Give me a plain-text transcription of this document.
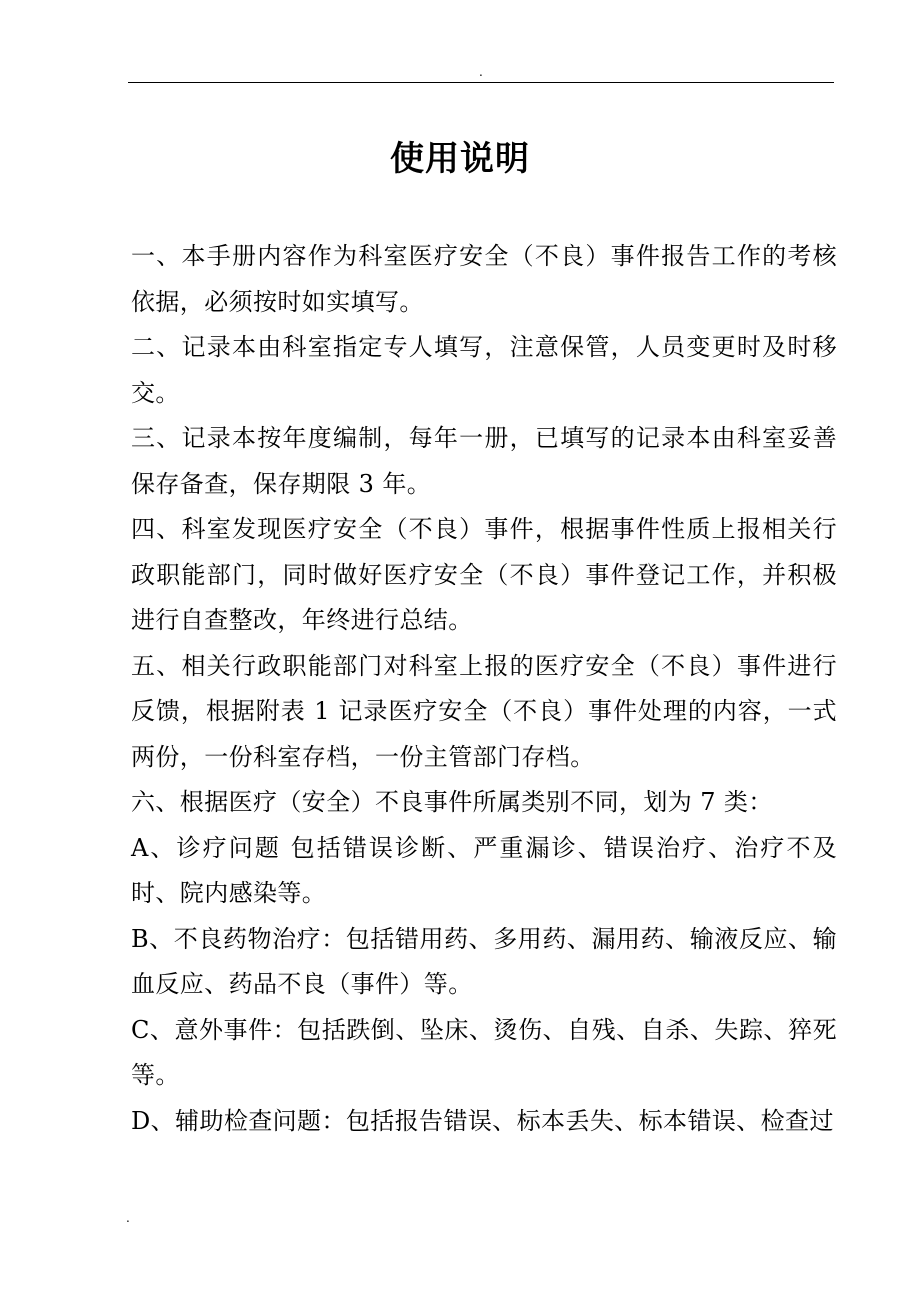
.
使用说明

一、本手册内容作为科室医疗安全（不良）事件报告工作的考核依据，必须按时如实填写。

二、记录本由科室指定专人填写，注意保管，人员变更时及时移交。

三、记录本按年度编制，每年一册，已填写的记录本由科室妥善保存备查，保存期限 3 年。

四、科室发现医疗安全（不良）事件，根据事件性质上报相关行政职能部门，同时做好医疗安全（不良）事件登记工作，并积极进行自查整改，年终进行总结。

五、相关行政职能部门对科室上报的医疗安全（不良）事件进行反馈，根据附表 1 记录医疗安全（不良）事件处理的内容，一式两份，一份科室存档，一份主管部门存档。

六、根据医疗（安全）不良事件所属类别不同，划为 7 类：

A、诊疗问题 包括错误诊断、严重漏诊、错误治疗、治疗不及时、院内感染等。

B、不良药物治疗：包括错用药、多用药、漏用药、输液反应、输血反应、药品不良（事件）等。

C、意外事件：包括跌倒、坠床、烫伤、自残、自杀、失踪、猝死等。

D、辅助检查问题：包括报告错误、标本丢失、标本错误、检查过

.
